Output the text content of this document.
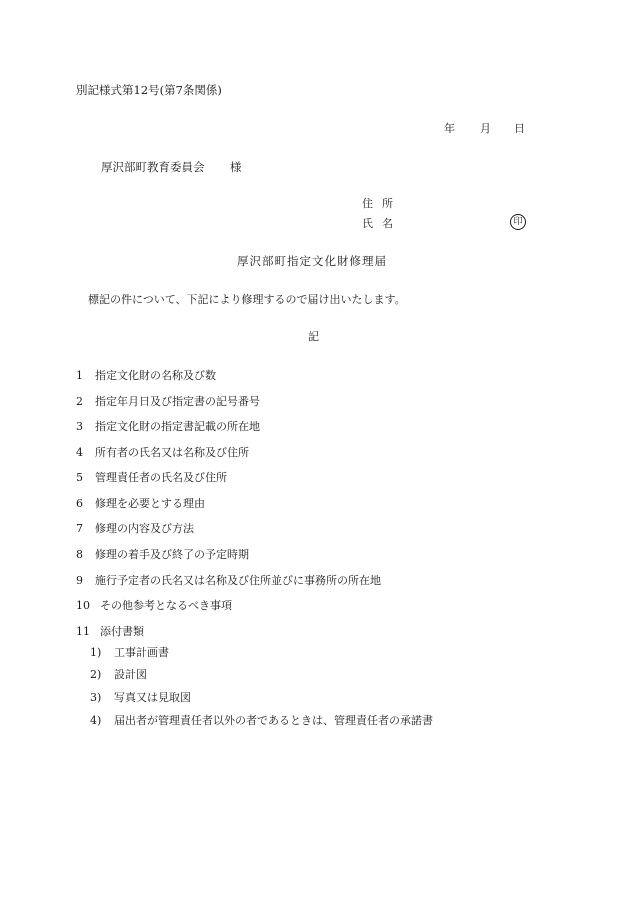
別記様式第12号(第7条関係)
年 月 日
厚沢部町教育委員会 様
住所
氏名	印
厚沢部町指定文化財修理届
標記の件について、下記により修理するので届け出いたします。
記
1 指定文化財の名称及び数
2 指定年月日及び指定書の記号番号
3 指定文化財の指定書記載の所在地
4 所有者の氏名又は名称及び住所
5 管理責任者の氏名及び住所
6 修理を必要とする理由
7 修理の内容及び方法
8 修理の着手及び終了の予定時期
9 施行予定者の氏名又は名称及び住所並びに事務所の所在地
10 その他参考となるべき事項
11 添付書類
1) 工事計画書
2) 設計図
3) 写真又は見取図
4) 届出者が管理責任者以外の者であるときは、管理責任者の承諾書
